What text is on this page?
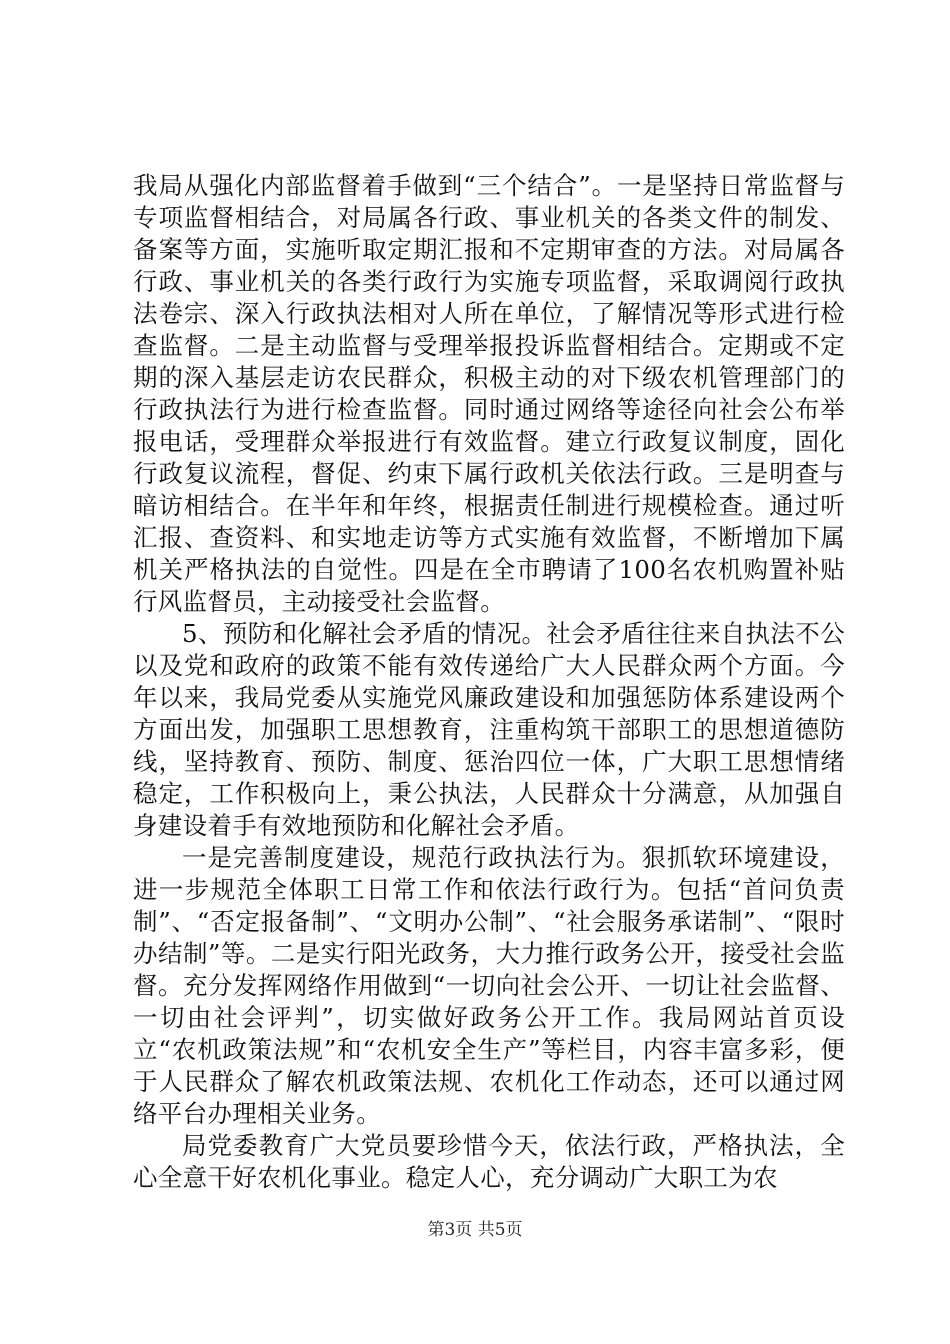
我局从强化内部监督着手做到“三个结合”。一是坚持日常监督与专项监督相结合，对局属各行政、事业机关的各类文件的制发、备案等方面，实施听取定期汇报和不定期审查的方法。对局属各行政、事业机关的各类行政行为实施专项监督，采取调阅行政执法卷宗、深入行政执法相对人所在单位，了解情况等形式进行检查监督。二是主动监督与受理举报投诉监督相结合。定期或不定期的深入基层走访农民群众，积极主动的对下级农机管理部门的行政执法行为进行检查监督。同时通过网络等途径向社会公布举报电话，受理群众举报进行有效监督。建立行政复议制度，固化行政复议流程，督促、约束下属行政机关依法行政。三是明查与暗访相结合。在半年和年终，根据责任制进行规模检查。通过听汇报、查资料、和实地走访等方式实施有效监督，不断增加下属机关严格执法的自觉性。四是在全市聘请了100名农机购置补贴行风监督员，主动接受社会监督。

5、预防和化解社会矛盾的情况。社会矛盾往往来自执法不公以及党和政府的政策不能有效传递给广大人民群众两个方面。今年以来，我局党委从实施党风廉政建设和加强惩防体系建设两个方面出发，加强职工思想教育，注重构筑干部职工的思想道德防线，坚持教育、预防、制度、惩治四位一体，广大职工思想情绪稳定，工作积极向上，秉公执法，人民群众十分满意，从加强自身建设着手有效地预防和化解社会矛盾。

一是完善制度建设，规范行政执法行为。狠抓软环境建设，进一步规范全体职工日常工作和依法行政行为。包括“首问负责制”、“否定报备制”、“文明办公制”、“社会服务承诺制”、“限时办结制”等。二是实行阳光政务，大力推行政务公开，接受社会监督。充分发挥网络作用做到“一切向社会公开、一切让社会监督、一切由社会评判”，切实做好政务公开工作。我局网站首页设立“农机政策法规”和“农机安全生产”等栏目，内容丰富多彩，便于人民群众了解农机政策法规、农机化工作动态，还可以通过网络平台办理相关业务。

局党委教育广大党员要珍惜今天，依法行政，严格执法，全心全意干好农机化事业。稳定人心，充分调动广大职工为农

第3页 共5页
